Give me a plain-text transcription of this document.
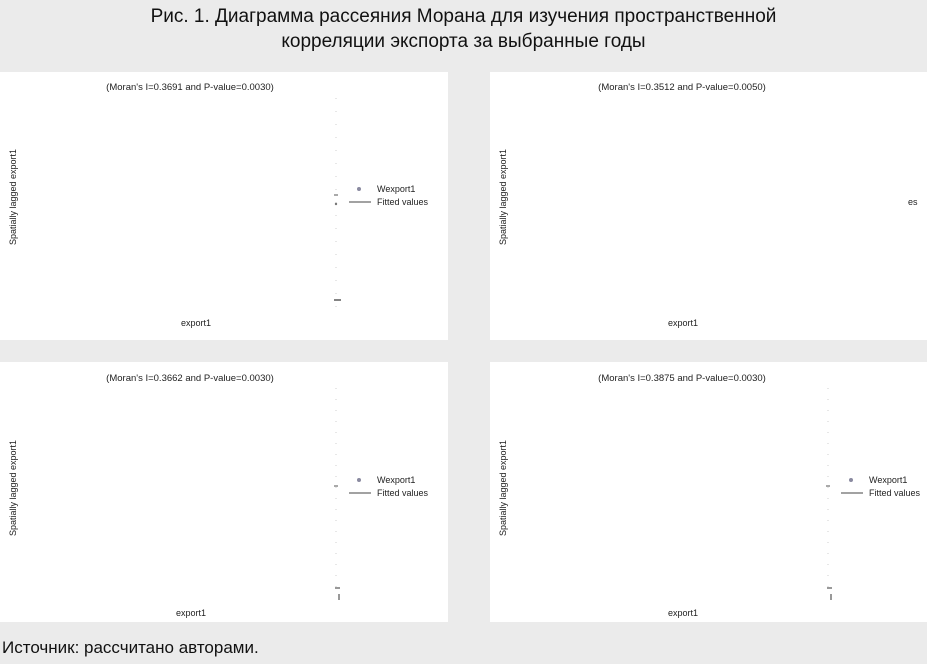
Рис. 1. Диаграмма рассеяния Морана для изучения пространственной
корреляции экспорта за выбранные годы
(Moran's I=0.3691 and P-value=0.0030)
Wexport1
Fitted values
export1
Spatially lagged export1
(Moran's I=0.3512 and P-value=0.0050)
es
export1
Spatially lagged export1
(Moran's I=0.3662 and P-value=0.0030)
Wexport1
Fitted values
export1
Spatially lagged export1
(Moran's I=0.3875 and P-value=0.0030)
Wexport1
Fitted values
export1
Spatially lagged export1
Источник: рассчитано авторами.
